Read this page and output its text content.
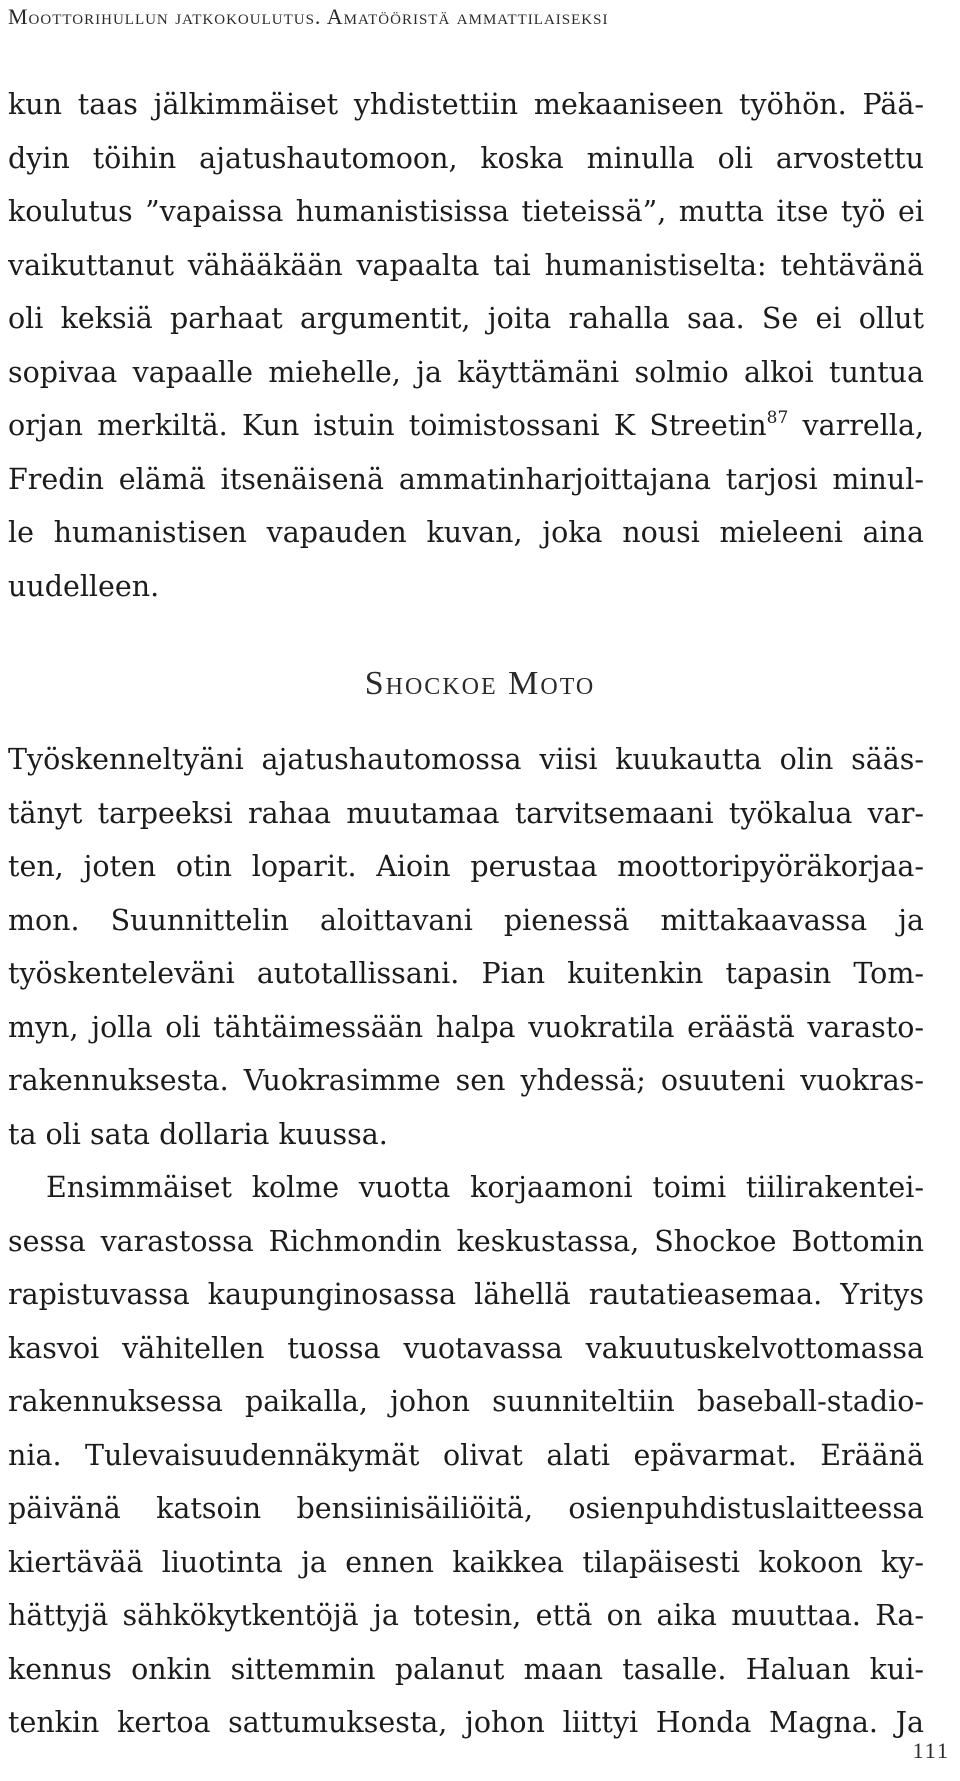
Moottorihullun jatkokoulutus. Amatööristä ammattilaiseksi
kun taas jälkimmäiset yhdistettiin mekaaniseen työhön. Pää-
dyin töihin ajatushautomoon, koska minulla oli arvostettu
koulutus ”vapaissa humanistisissa tieteissä”, mutta itse työ ei
vaikuttanut vähääkään vapaalta tai humanistiselta: tehtävänä
oli keksiä parhaat argumentit, joita rahalla saa. Se ei ollut
sopivaa vapaalle miehelle, ja käyttämäni solmio alkoi tuntua
orjan merkiltä. Kun istuin toimistossani K Streetin$^{87}$ varrella,
Fredin elämä itsenäisenä ammatinharjoittajana tarjosi minul-
le humanistisen vapauden kuvan, joka nousi mieleeni aina
uudelleen.
Shockoe Moto
Työskenneltyäni ajatushautomossa viisi kuukautta olin sääs-
tänyt tarpeeksi rahaa muutamaa tarvitsemaani työkalua var-
ten, joten otin loparit. Aioin perustaa moottoripyöräkorjaa-
mon. Suunnittelin aloittavani pienessä mittakaavassa ja
työskenteleväni autotallissani. Pian kuitenkin tapasin Tom-
myn, jolla oli tähtäimessään halpa vuokratila eräästä varasto-
rakennuksesta. Vuokrasimme sen yhdessä; osuuteni vuokras-
ta oli sata dollaria kuussa.
Ensimmäiset kolme vuotta korjaamoni toimi tiilirakentei-
sessa varastossa Richmondin keskustassa, Shockoe Bottomin
rapistuvassa kaupunginosassa lähellä rautatieasemaa. Yritys
kasvoi vähitellen tuossa vuotavassa vakuutuskelvottomassa
rakennuksessa paikalla, johon suunniteltiin baseball-stadio-
nia. Tulevaisuudennäkymät olivat alati epävarmat. Eräänä
päivänä katsoin bensiinisäiliöitä, osienpuhdistuslaitteessa
kiertävää liuotinta ja ennen kaikkea tilapäisesti kokoon ky-
hättyjä sähkökytkentöjä ja totesin, että on aika muuttaa. Ra-
kennus onkin sittemmin palanut maan tasalle. Haluan kui-
tenkin kertoa sattumuksesta, johon liittyi Honda Magna. Ja
111
